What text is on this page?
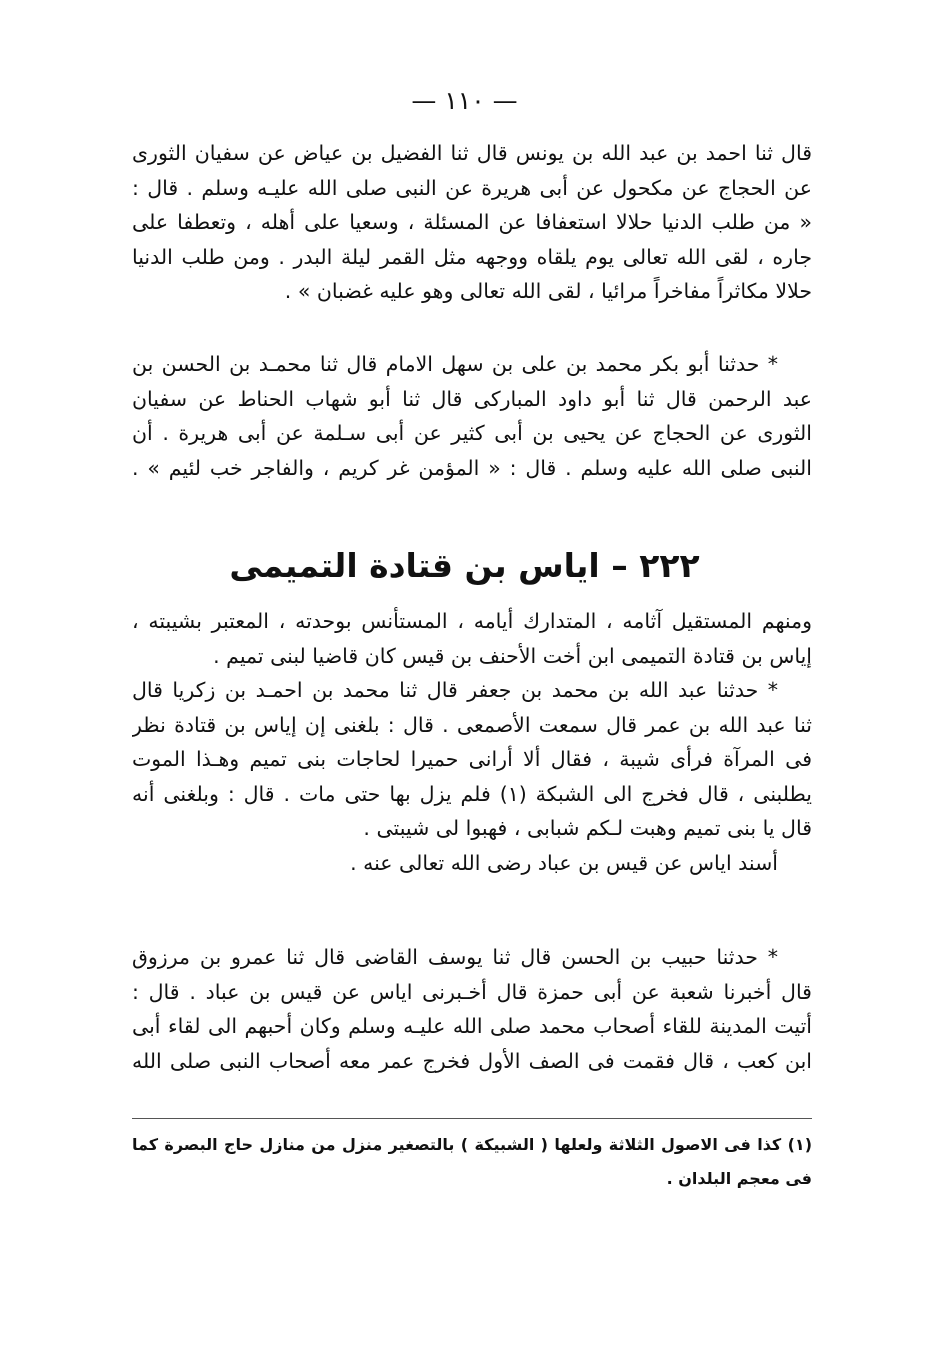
— ١١٠ —
قال ثنا احمد بن عبد الله بن يونس قال ثنا الفضيل بن عياض عن سفيان الثورى
عن الحجاج عن مكحول عن أبى هريرة عن النبى صلى الله عليـه وسلم . قال :
« من طلب الدنيا حلالا استعفافا عن المسئلة ، وسعيا على أهله ، وتعطفا على
جاره ، لقى الله تعالى يوم يلقاه ووجهه مثل القمر ليلة البدر . ومن طلب الدنيا
حلالا مكاثراً مفاخراً مرائيا ، لقى الله تعالى وهو عليه غضبان » .
* حدثنا أبو بكر محمد بن على بن سهل الامام قال ثنا محمـد بن الحسن بن
عبد الرحمن قال ثنا أبو داود المباركى قال ثنا أبو شهاب الحناط عن سفيان
الثورى عن الحجاج عن يحيى بن أبى كثير عن أبى سـلمة عن أبى هريرة . أن
النبى صلى الله عليه وسلم . قال : « المؤمن غر كريم ، والفاجر خب لئيم » .
٢٢٢ – اياس بن قتادة التميمى
ومنهم المستقيل آثامه ، المتدارك أيامه ، المستأنس بوحدته ، المعتبر بشيبته ،
إياس بن قتادة التميمى ابن أخت الأحنف بن قيس كان قاضيا لبنى تميم .
* حدثنا عبد الله بن محمد بن جعفر قال ثنا محمد بن احمـد بن زكريا قال
ثنا عبد الله بن عمر قال سمعت الأصمعى . قال : بلغنى إن إياس بن قتادة نظر
فى المرآة فرأى شيبة ، فقال ألا أرانى حميرا لحاجات بنى تميم وهـذا الموت
يطلبنى ، قال فخرج الى الشبكة (١) فلم يزل بها حتى مات . قال : وبلغنى أنه
قال يا بنى تميم وهبت لـكم شبابى ، فهبوا لى شيبتى .
أسند اياس عن قيس بن عباد رضى الله تعالى عنه .
* حدثنا حبيب بن الحسن قال ثنا يوسف القاضى قال ثنا عمرو بن مرزوق
قال أخبرنا شعبة عن أبى حمزة قال أخـبرنى اياس عن قيس بن عباد . قال :
أتيت المدينة للقاء أصحاب محمد صلى الله عليـه وسلم وكان أحبهم الى لقاء أبى
ابن كعب ، قال فقمت فى الصف الأول فخرج عمر معه أصحاب النبى صلى الله
(١) كذا فى الاصول الثلاثة ولعلها ( الشبيكة ) بالتصغير منزل من منازل حاج البصرة كما
فى معجم البلدان .
